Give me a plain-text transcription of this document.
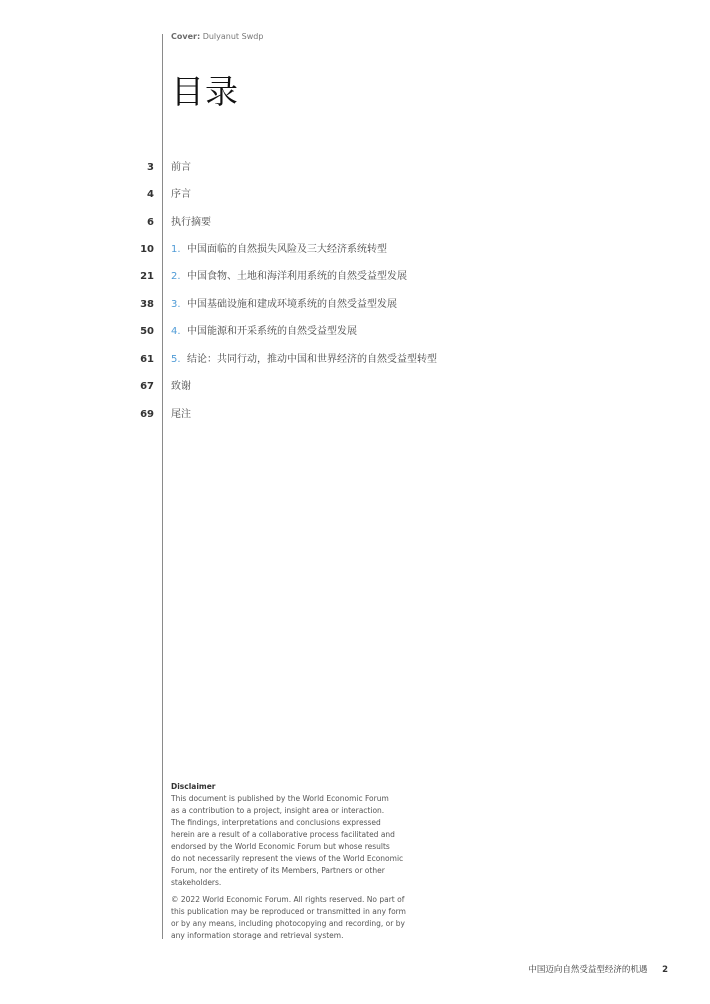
Cover: Dulyanut Swdp
目录
3 前言
4 序言
6 执行摘要
10 1. 中国面临的自然损失风险及三大经济系统转型
21 2. 中国食物、土地和海洋利用系统的自然受益型发展
38 3. 中国基础设施和建成环境系统的自然受益型发展
50 4. 中国能源和开采系统的自然受益型发展
61 5. 结论：共同行动，推动中国和世界经济的自然受益型转型
67 致谢
69 尾注

Disclaimer

This document is published by the World Economic Forum

as a contribution to a project, insight area or interaction.

The findings, interpretations and conclusions expressed

herein are a result of a collaborative process facilitated and

endorsed by the World Economic Forum but whose results

do not necessarily represent the views of the World Economic

Forum, nor the entirety of its Members, Partners or other

stakeholders.

© 2022 World Economic Forum. All rights reserved. No part of

this publication may be reproduced or transmitted in any form

or by any means, including photocopying and recording, or by

any information storage and retrieval system.

中国迈向自然受益型经济的机遇 2
